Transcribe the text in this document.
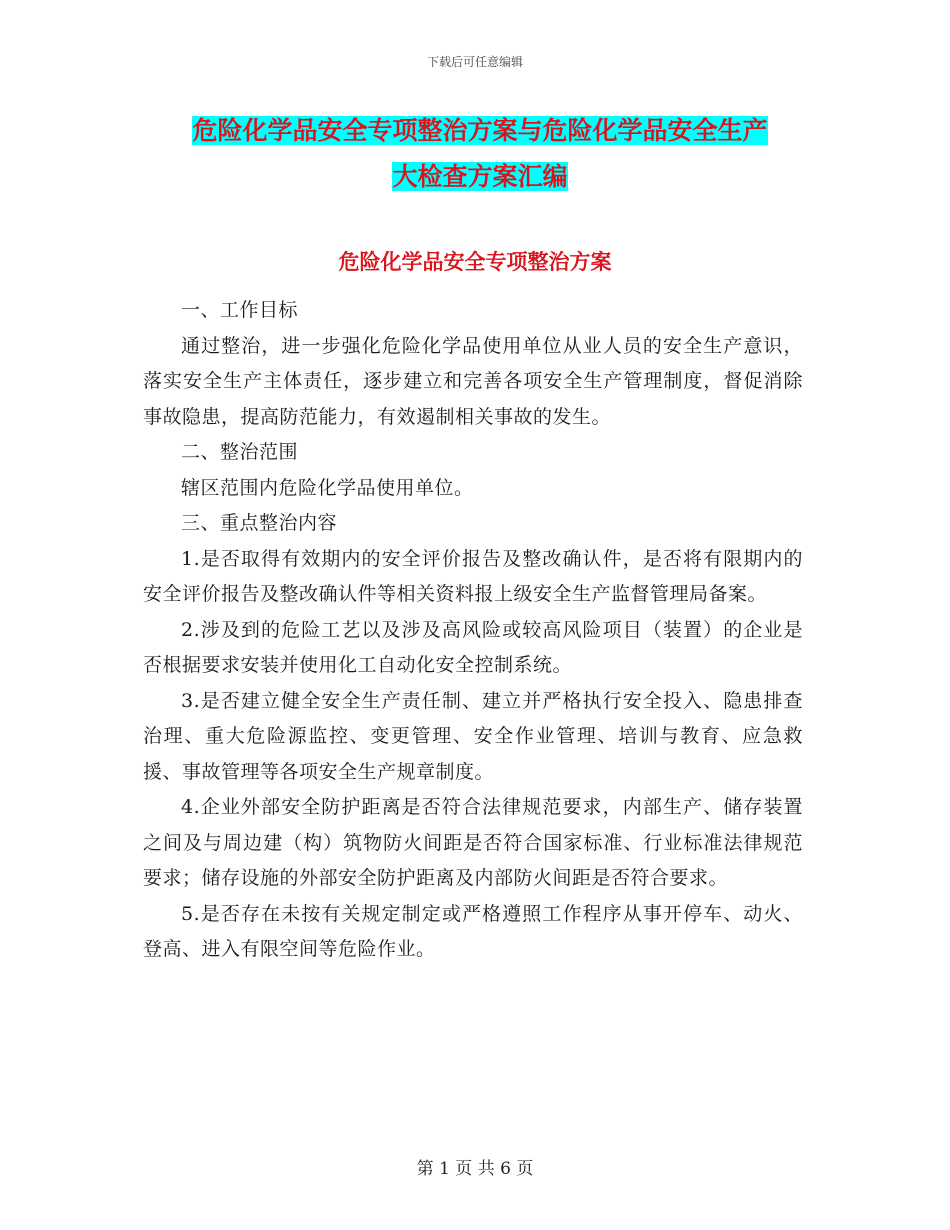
下载后可任意编辑
危险化学品安全专项整治方案与危险化学品安全生产
大检查方案汇编
危险化学品安全专项整治方案

一、工作目标

通过整治，进一步强化危险化学品使用单位从业人员的安全生产意识，落实安全生产主体责任，逐步建立和完善各项安全生产管理制度，督促消除事故隐患，提高防范能力，有效遏制相关事故的发生。

二、整治范围

辖区范围内危险化学品使用单位。

三、重点整治内容

1.是否取得有效期内的安全评价报告及整改确认件，是否将有限期内的安全评价报告及整改确认件等相关资料报上级安全生产监督管理局备案。

2.涉及到的危险工艺以及涉及高风险或较高风险项目（装置）的企业是否根据要求安装并使用化工自动化安全控制系统。

3.是否建立健全安全生产责任制、建立并严格执行安全投入、隐患排查治理、重大危险源监控、变更管理、安全作业管理、培训与教育、应急救援、事故管理等各项安全生产规章制度。

4.企业外部安全防护距离是否符合法律规范要求，内部生产、储存装置之间及与周边建（构）筑物防火间距是否符合国家标准、行业标准法律规范要求；储存设施的外部安全防护距离及内部防火间距是否符合要求。

5.是否存在未按有关规定制定或严格遵照工作程序从事开停车、动火、登高、进入有限空间等危险作业。

第 1 页 共 6 页
